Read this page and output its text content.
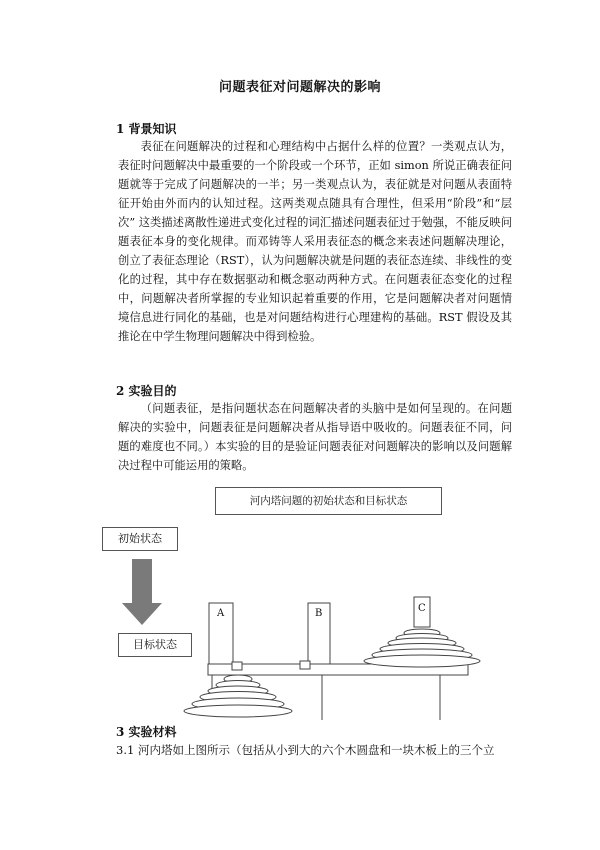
问题表征对问题解决的影响
1 背景知识
表征在问题解决的过程和心理结构中占据什么样的位置？一类观点认为，表征时问题解决中最重要的一个阶段或一个环节，正如 simon 所说正确表征问题就等于完成了问题解决的一半；另一类观点认为，表征就是对问题从表面特征开始由外而内的认知过程。这两类观点随具有合理性，但采用“阶段”和“层次” 这类描述离散性递进式变化过程的词汇描述问题表征过于勉强，不能反映问题表征本身的变化规律。而邓铸等人采用表征态的概念来表述问题解决理论，创立了表征态理论（RST），认为问题解决就是问题的表征态连续、非线性的变化的过程，其中存在数据驱动和概念驱动两种方式。在问题表征态变化的过程中，问题解决者所掌握的专业知识起着重要的作用，它是问题解决者对问题情境信息进行同化的基础，也是对问题结构进行心理建构的基础。RST 假设及其推论在中学生物理问题解决中得到检验。
2 实验目的
（问题表征，是指问题状态在问题解决者的头脑中是如何呈现的。在问题解决的实验中，问题表征是问题解决者从指导语中吸收的。问题表征不同，问题的难度也不同。）本实验的目的是验证问题表征对问题解决的影响以及问题解决过程中可能运用的策略。
河内塔问题的初始状态和目标状态
初始状态
A	B	C
目标状态
3 实验材料
3.1 河内塔如上图所示（包括从小到大的六个木圆盘和一块木板上的三个立
